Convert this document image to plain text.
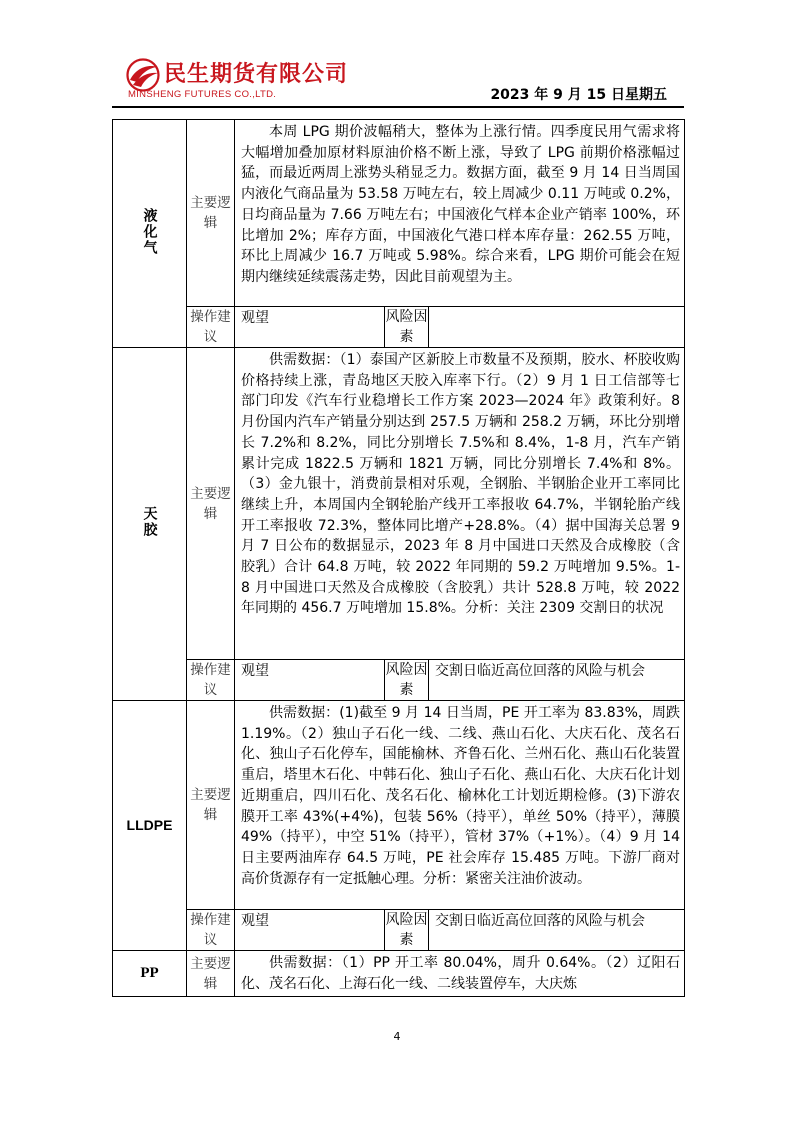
民生期货有限公司
MINSHENG FUTURES CO.,LTD.	2023 年 9 月 15 日星期五
液化气	主要逻辑	本周 LPG 期价波幅稍大，整体为上涨行情。四季度民用气需求将大幅增加叠加原材料原油价格不断上涨，导致了 LPG 前期价格涨幅过猛，而最近两周上涨势头稍显乏力。数据方面，截至 9 月 14 日当周国内液化气商品量为 53.58 万吨左右，较上周减少 0.11 万吨或 0.2%，日均商品量为 7.66 万吨左右；中国液化气样本企业产销率 100%，环比增加 2%；库存方面，中国液化气港口样本库存量：262.55 万吨，环比上周减少 16.7 万吨或 5.98%。综合来看，LPG 期价可能会在短期内继续延续震荡走势，因此目前观望为主。		
	操作建议	观望	风险因素	
天胶	主要逻辑	供需数据：（1）泰国产区新胶上市数量不及预期，胶水、杯胶收购价格持续上涨，青岛地区天胶入库率下行。（2）9 月 1 日工信部等七部门印发《汽车行业稳增长工作方案 2023—2024 年》政策利好。8 月份国内汽车产销量分别达到 257.5 万辆和 258.2 万辆，环比分别增长 7.2%和 8.2%，同比分别增长 7.5%和 8.4%，1-8 月，汽车产销累计完成 1822.5 万辆和 1821 万辆，同比分别增长 7.4%和 8%。（3）金九银十，消费前景相对乐观，全钢胎、半钢胎企业开工率同比继续上升，本周国内全钢轮胎产线开工率报收 64.7%，半钢轮胎产线开工率报收 72.3%，整体同比增产+28.8%。（4）据中国海关总署 9 月 7 日公布的数据显示，2023 年 8 月中国进口天然及合成橡胶（含胶乳）合计 64.8 万吨，较 2022 年同期的 59.2 万吨增加 9.5%。1-8 月中国进口天然及合成橡胶（含胶乳）共计 528.8 万吨，较 2022 年同期的 456.7 万吨增加 15.8%。分析：关注 2309 交割日的状况		
	操作建议	观望	风险因素	交割日临近高位回落的风险与机会
LLDPE	主要逻辑	供需数据：(1)截至 9 月 14 日当周，PE 开工率为 83.83%，周跌 1.19%。（2）独山子石化一线、二线、燕山石化、大庆石化、茂名石化、独山子石化停车，国能榆林、齐鲁石化、兰州石化、燕山石化装置重启，塔里木石化、中韩石化、独山子石化、燕山石化、大庆石化计划近期重启，四川石化、茂名石化、榆林化工计划近期检修。(3)下游农膜开工率 43%(+4%)，包装 56%（持平），单丝 50%（持平），薄膜 49%（持平），中空 51%（持平），管材 37%（+1%）。（4）9 月 14 日主要两油库存 64.5 万吨，PE 社会库存 15.485 万吨。下游厂商对高价货源存有一定抵触心理。分析：紧密关注油价波动。		
	操作建议	观望	风险因素	交割日临近高位回落的风险与机会
PP	主要逻辑	供需数据：（1）PP 开工率 80.04%，周升 0.64%。（2）辽阳石化、茂名石化、上海石化一线、二线装置停车，大庆炼		
4
